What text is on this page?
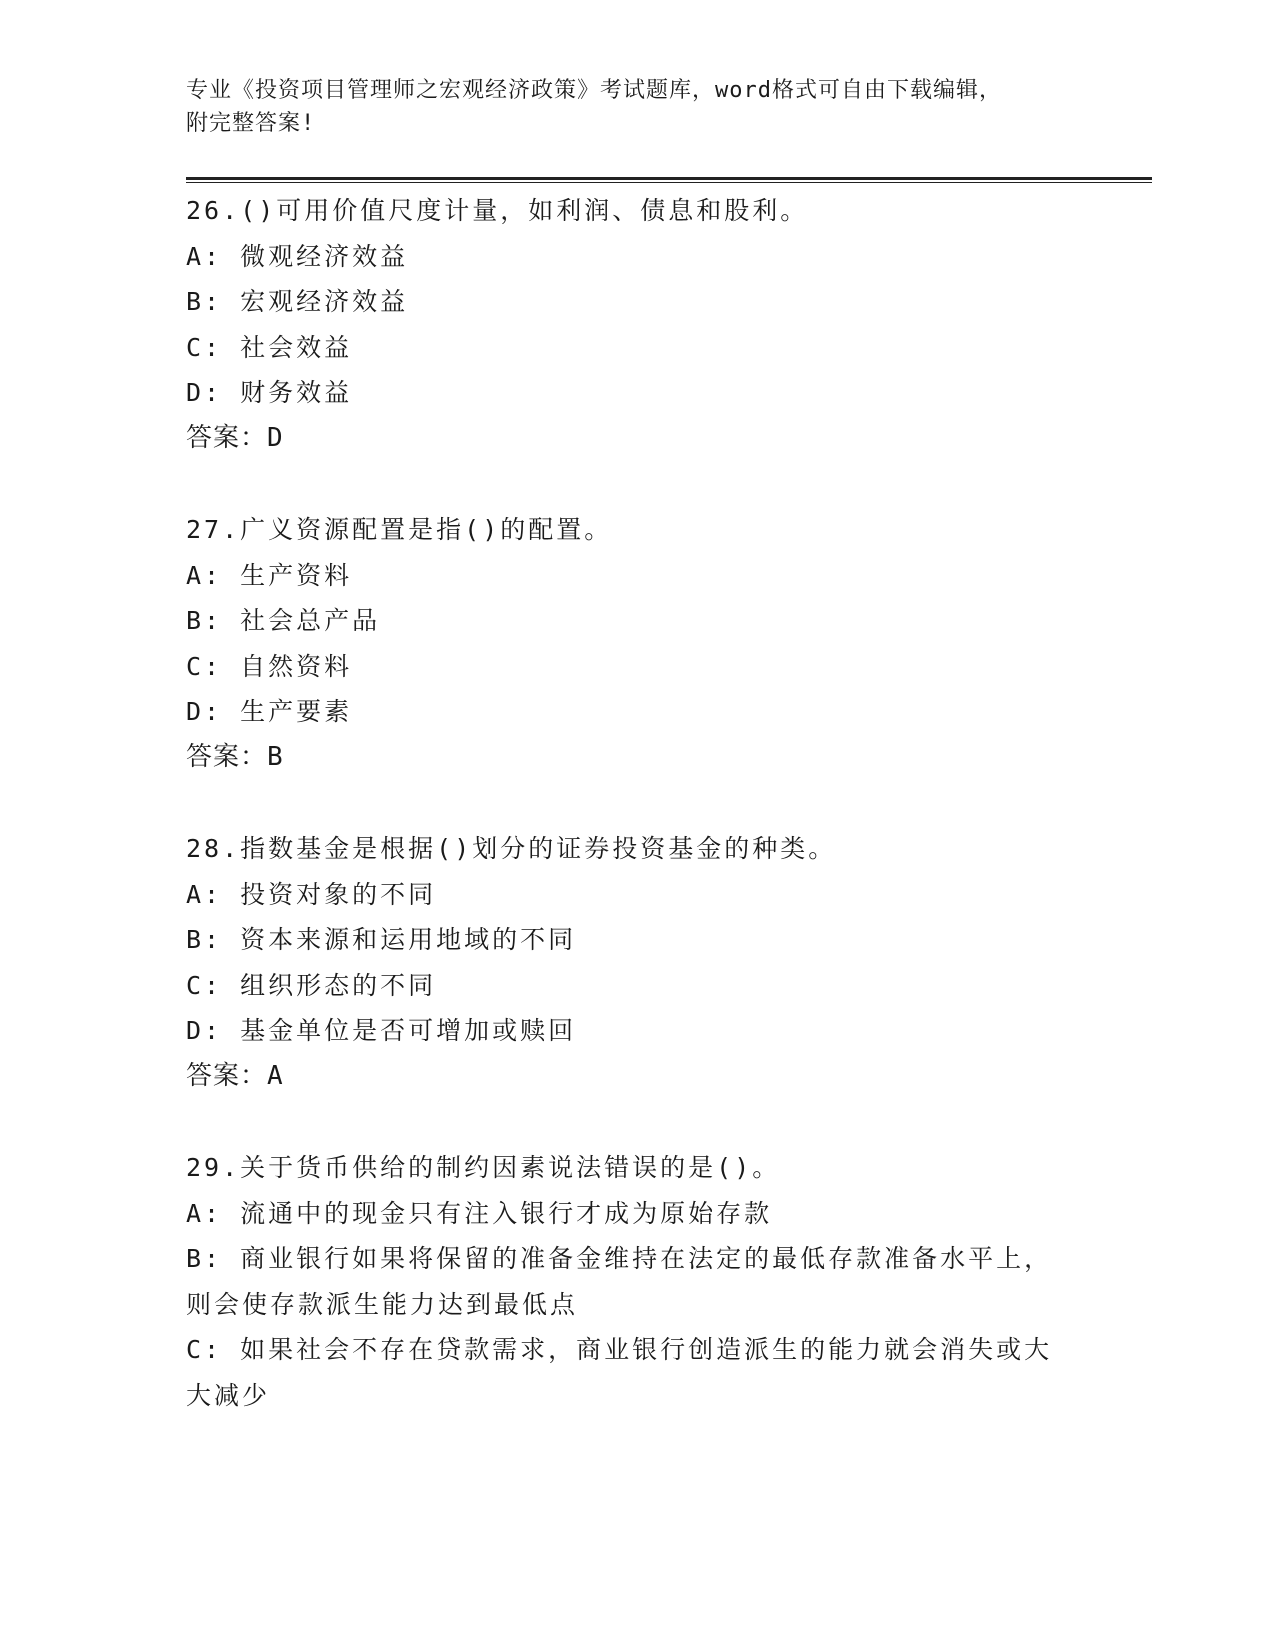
专业《投资项目管理师之宏观经济政策》考试题库，word格式可自由下载编辑，
附完整答案!
26.()可用价值尺度计量，如利润、债息和股利。
A: 微观经济效益
B: 宏观经济效益
C: 社会效益
D: 财务效益
答案：D
27.广义资源配置是指()的配置。
A: 生产资料
B: 社会总产品
C: 自然资料
D: 生产要素
答案：B
28.指数基金是根据()划分的证券投资基金的种类。
A: 投资对象的不同
B: 资本来源和运用地域的不同
C: 组织形态的不同
D: 基金单位是否可增加或赎回
答案：A
29.关于货币供给的制约因素说法错误的是()。
A: 流通中的现金只有注入银行才成为原始存款
B: 商业银行如果将保留的准备金维持在法定的最低存款准备水平上，
则会使存款派生能力达到最低点
C: 如果社会不存在贷款需求，商业银行创造派生的能力就会消失或大
大减少
